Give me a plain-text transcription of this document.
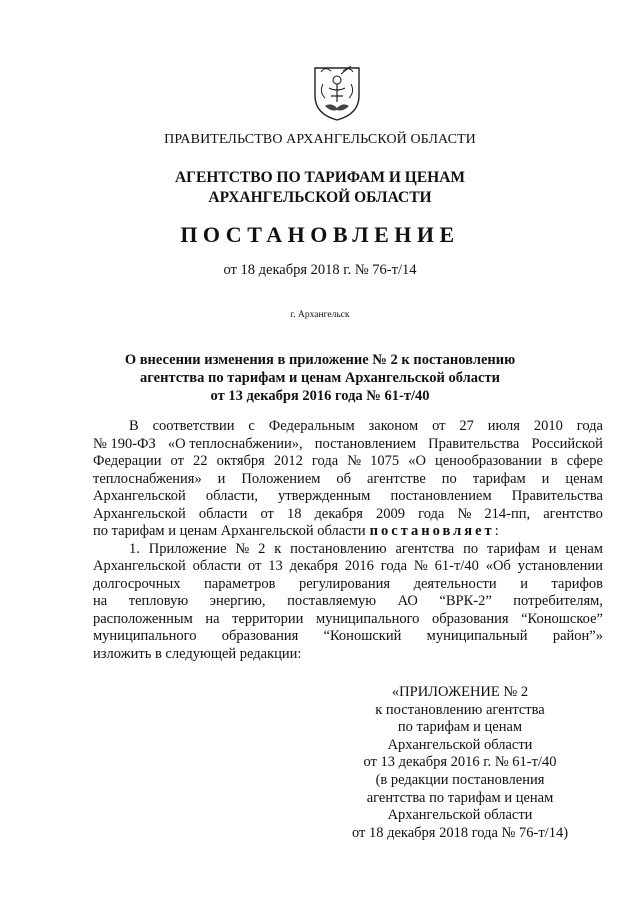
ПРАВИТЕЛЬСТВО АРХАНГЕЛЬСКОЙ ОБЛАСТИ
АГЕНТСТВО ПО ТАРИФАМ И ЦЕНАМ
АРХАНГЕЛЬСКОЙ ОБЛАСТИ
ПОСТАНОВЛЕНИЕ
от 18 декабря 2018 г. № 76-т/14
г. Архангельск
О внесении изменения в приложение № 2 к постановлению
агентства по тарифам и ценам Архангельской области
от 13 декабря 2016 года № 61-т/40
В соответствии с Федеральным законом от 27 июля 2010 года
№ 190-ФЗ «О теплоснабжении», постановлением Правительства Российской
Федерации от 22 октября 2012 года № 1075 «О ценообразовании в сфере
теплоснабжения» и Положением об агентстве по тарифам и ценам
Архангельской области, утвержденным постановлением Правительства
Архангельской области от 18 декабря 2009 года № 214-пп, агентство
по тарифам и ценам Архангельской области постановляет:
1. Приложение № 2 к постановлению агентства по тарифам и ценам
Архангельской области от 13 декабря 2016 года № 61-т/40 «Об установлении
долгосрочных параметров регулирования деятельности и тарифов
на тепловую энергию, поставляемую АО “ВРК-2” потребителям,
расположенным на территории муниципального образования “Коношское”
муниципального образования “Коношский муниципальный район”»
изложить в следующей редакции:
«ПРИЛОЖЕНИЕ № 2
к постановлению агентства
по тарифам и ценам
Архангельской области
от 13 декабря 2016 г. № 61-т/40
(в редакции постановления
агентства по тарифам и ценам
Архангельской области
от 18 декабря 2018 года № 76-т/14)
